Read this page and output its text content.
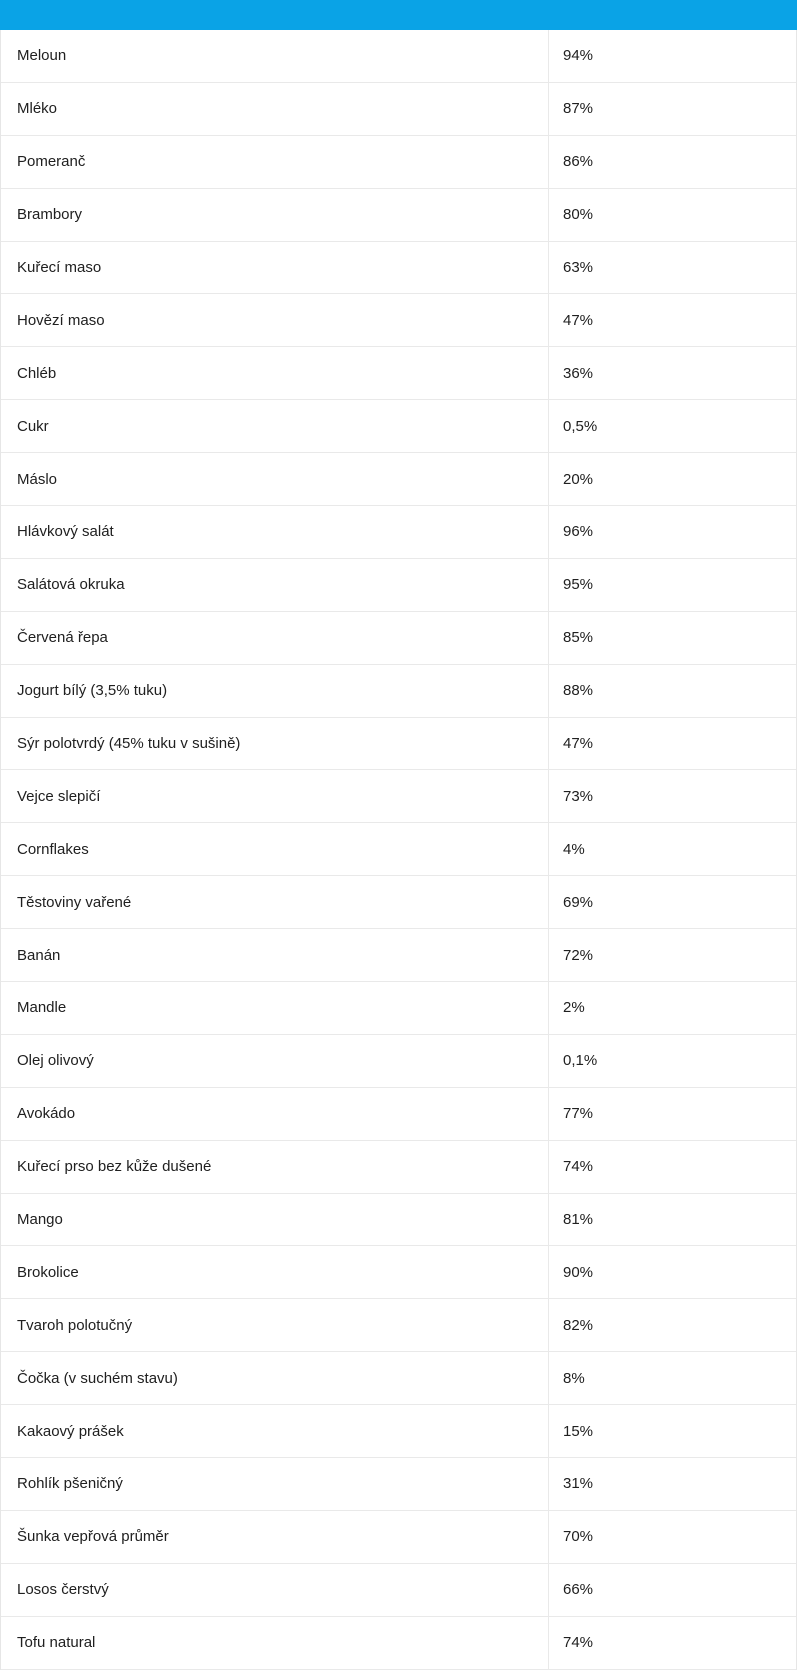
Meloun	94%
Mléko	87%
Pomeranč	86%
Brambory	80%
Kuřecí maso	63%
Hovězí maso	47%
Chléb	36%
Cukr	0,5%
Máslo	20%
Hlávkový salát	96%
Salátová okruka	95%
Červená řepa	85%
Jogurt bílý (3,5% tuku)	88%
Sýr polotvrdý (45% tuku v sušině)	47%
Vejce slepičí	73%
Cornflakes	4%
Těstoviny vařené	69%
Banán	72%
Mandle	2%
Olej olivový	0,1%
Avokádo	77%
Kuřecí prso bez kůže dušené	74%
Mango	81%
Brokolice	90%
Tvaroh polotučný	82%
Čočka (v suchém stavu)	8%
Kakaový prášek	15%
Rohlík pšeničný	31%
Šunka vepřová průměr	70%
Losos čerstvý	66%
Tofu natural	74%
